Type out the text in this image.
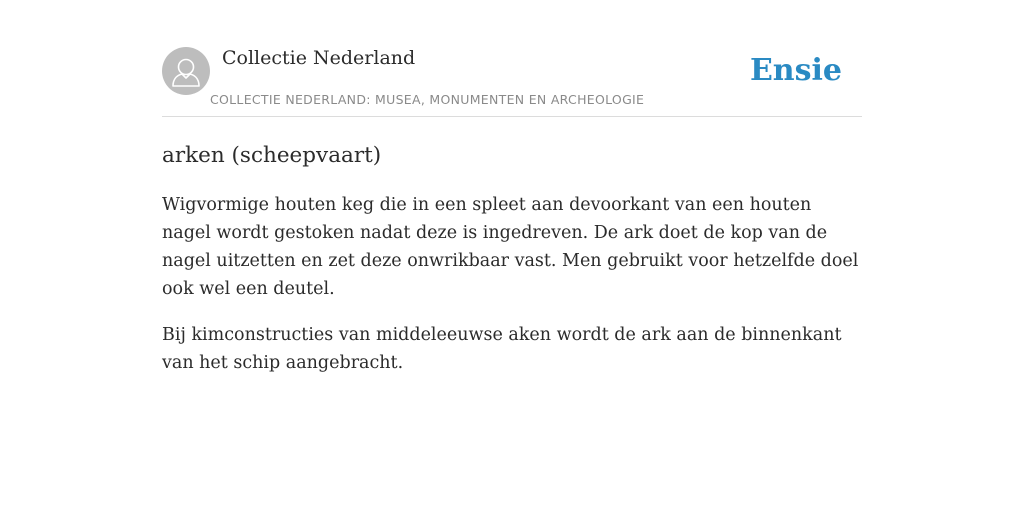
Collectie Nederland
COLLECTIE NEDERLAND: MUSEA, MONUMENTEN EN ARCHEOLOGIE
Ensie
arken (scheepvaart)

Wigvormige houten keg die in een spleet aan devoorkant van een houten nagel wordt gestoken nadat deze is ingedreven. De ark doet de kop van de nagel uitzetten en zet deze onwrikbaar vast. Men gebruikt voor hetzelfde doel ook wel een deutel.

Bij kimconstructies van middeleeuwse aken wordt de ark aan de binnenkant van het schip aangebracht.
